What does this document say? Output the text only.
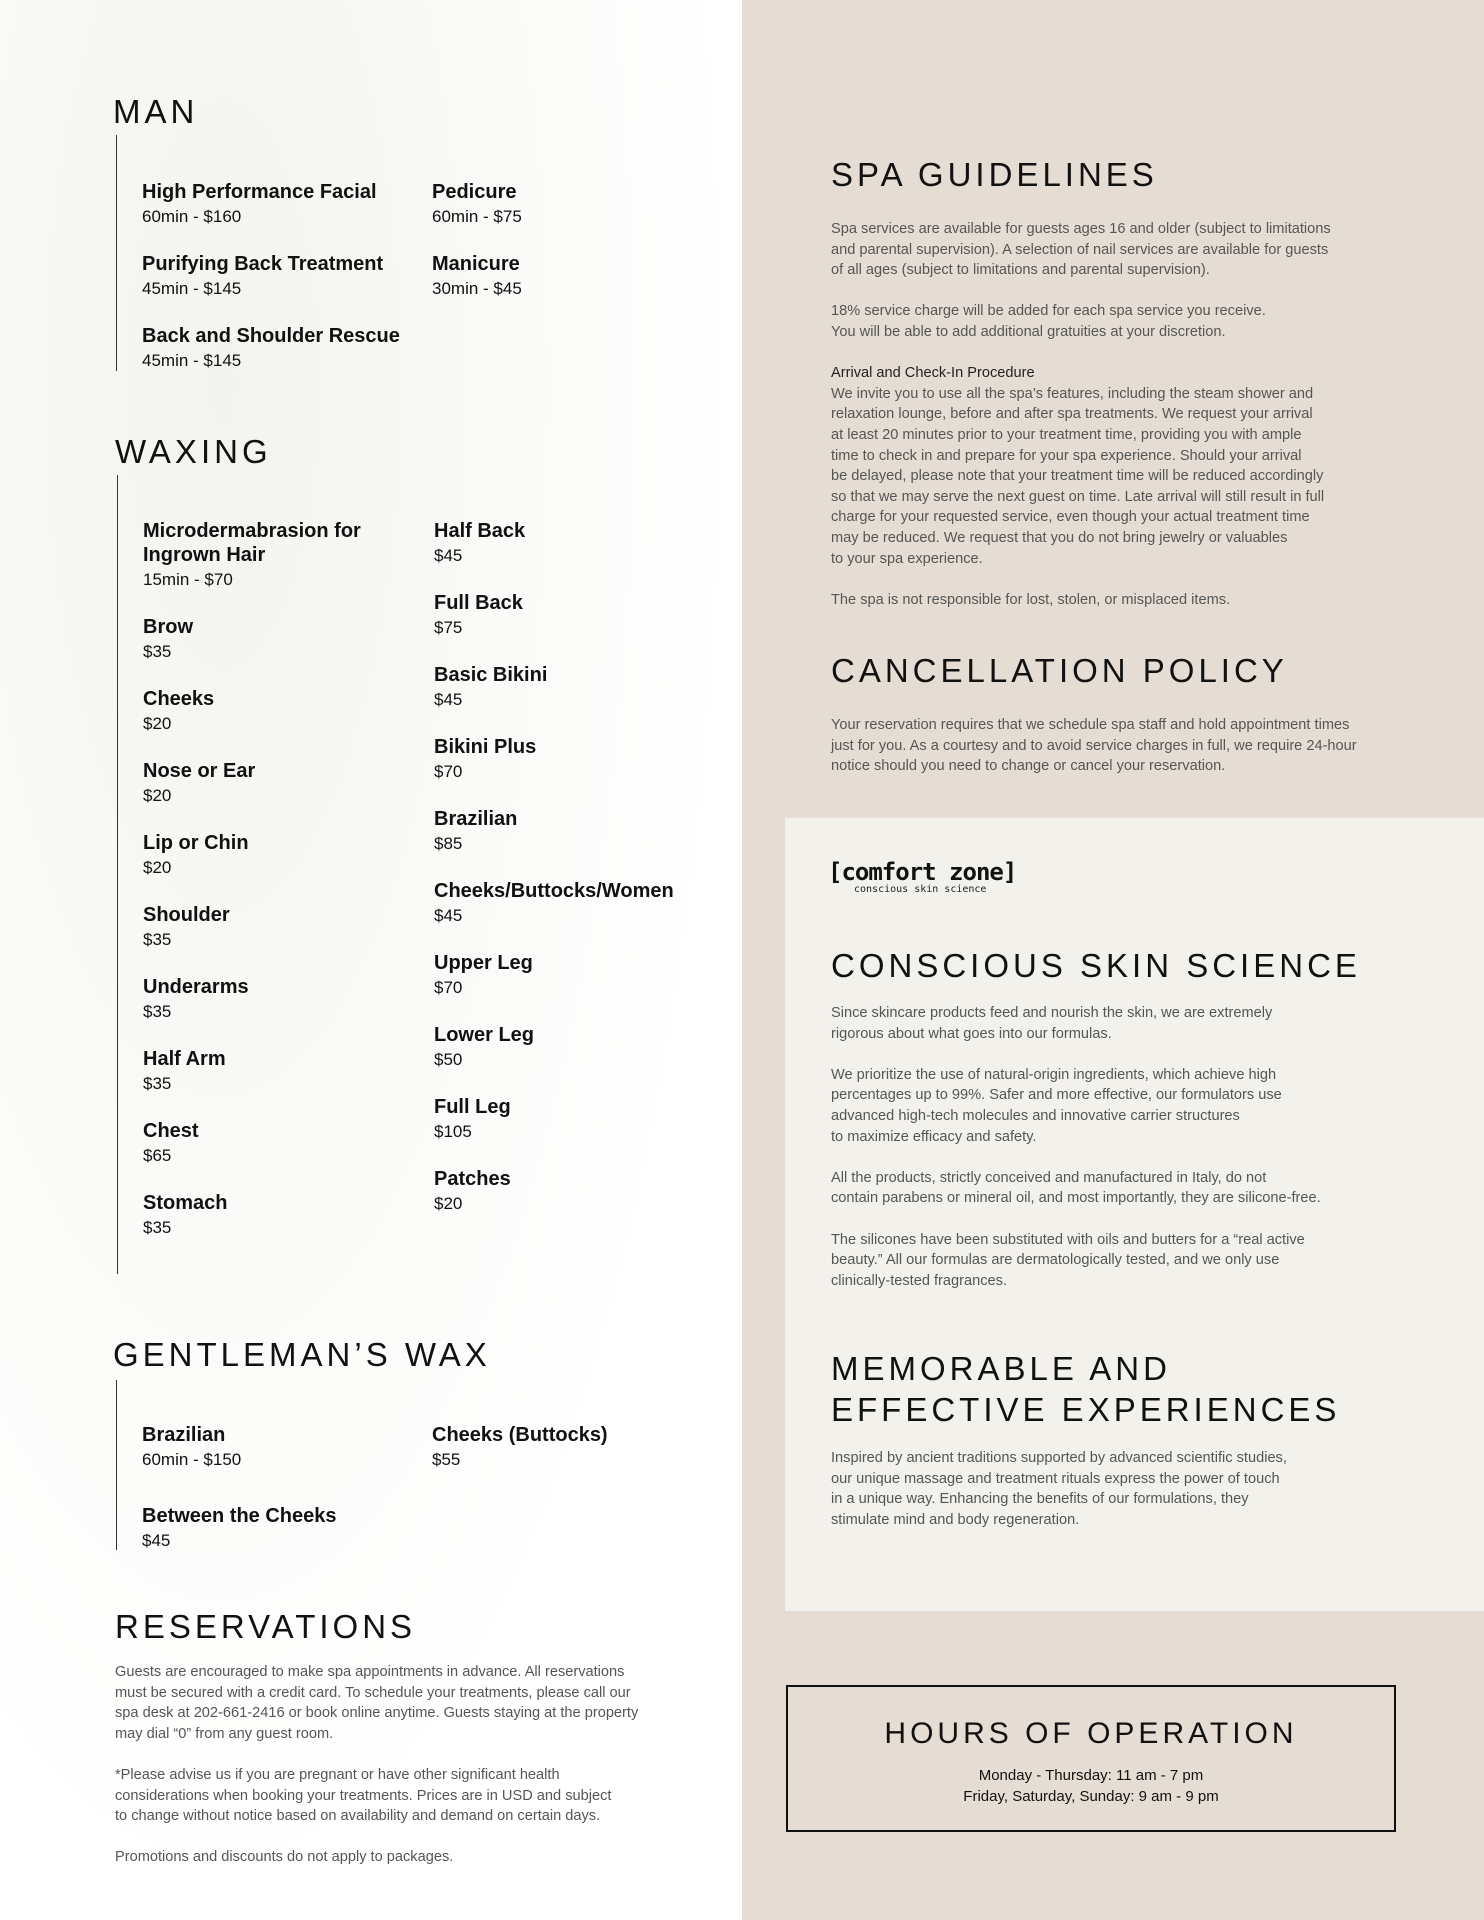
MAN
High Performance Facial
60min - $160
Purifying Back Treatment
45min - $145
Back and Shoulder Rescue
45min - $145
Pedicure
60min - $75
Manicure
30min - $45
WAXING
Microdermabrasion for Ingrown Hair
15min - $70
Brow
$35
Cheeks
$20
Nose or Ear
$20
Lip or Chin
$20
Shoulder
$35
Underarms
$35
Half Arm
$35
Chest
$65
Stomach
$35
Half Back
$45
Full Back
$75
Basic Bikini
$45
Bikini Plus
$70
Brazilian
$85
Cheeks/Buttocks/Women
$45
Upper Leg
$70
Lower Leg
$50
Full Leg
$105
Patches
$20
GENTLEMAN’S WAX
Brazilian
60min - $150
Between the Cheeks
$45
Cheeks (Buttocks)
$55
RESERVATIONS
Guests are encouraged to make spa appointments in advance. All reservations
must be secured with a credit card. To schedule your treatments, please call our
spa desk at 202-661-2416 or book online anytime. Guests staying at the property
may dial “0” from any guest room.
*Please advise us if you are pregnant or have other significant health
considerations when booking your treatments. Prices are in USD and subject
to change without notice based on availability and demand on certain days.
Promotions and discounts do not apply to packages.
SPA GUIDELINES
Spa services are available for guests ages 16 and older (subject to limitations
and parental supervision). A selection of nail services are available for guests
of all ages (subject to limitations and parental supervision).
18% service charge will be added for each spa service you receive.
You will be able to add additional gratuities at your discretion.
Arrival and Check-In Procedure
We invite you to use all the spa’s features, including the steam shower and
relaxation lounge, before and after spa treatments. We request your arrival
at least 20 minutes prior to your treatment time, providing you with ample
time to check in and prepare for your spa experience. Should your arrival
be delayed, please note that your treatment time will be reduced accordingly
so that we may serve the next guest on time. Late arrival will still result in full
charge for your requested service, even though your actual treatment time
may be reduced. We request that you do not bring jewelry or valuables
to your spa experience.
The spa is not responsible for lost, stolen, or misplaced items.
CANCELLATION POLICY
Your reservation requires that we schedule spa staff and hold appointment times
just for you. As a courtesy and to avoid service charges in full, we require 24-hour
notice should you need to change or cancel your reservation.
[comfort zone]
conscious skin science
CONSCIOUS SKIN SCIENCE
Since skincare products feed and nourish the skin, we are extremely
rigorous about what goes into our formulas.
We prioritize the use of natural-origin ingredients, which achieve high
percentages up to 99%. Safer and more effective, our formulators use
advanced high-tech molecules and innovative carrier structures
to maximize efficacy and safety.
All the products, strictly conceived and manufactured in Italy, do not
contain parabens or mineral oil, and most importantly, they are silicone-free.
The silicones have been substituted with oils and butters for a “real active
beauty.” All our formulas are dermatologically tested, and we only use
clinically-tested fragrances.
MEMORABLE AND
EFFECTIVE EXPERIENCES
Inspired by ancient traditions supported by advanced scientific studies,
our unique massage and treatment rituals express the power of touch
in a unique way. Enhancing the benefits of our formulations, they
stimulate mind and body regeneration.
HOURS OF OPERATION
Monday - Thursday: 11 am - 7 pm
Friday, Saturday, Sunday: 9 am - 9 pm
